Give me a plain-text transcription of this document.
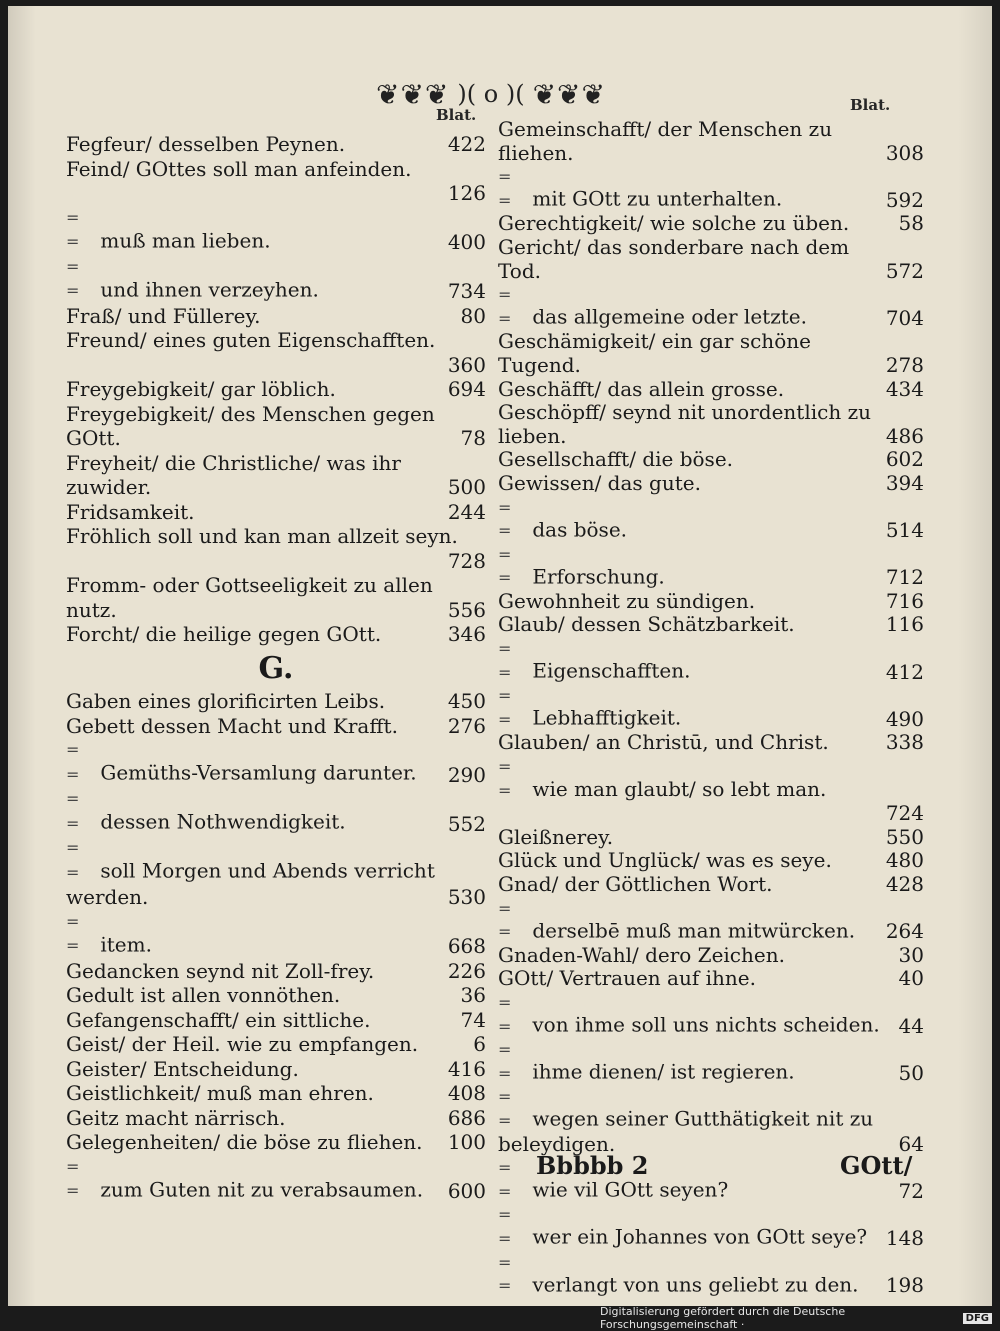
❦❦❦ )( o )( ❦❦❦
Blat.
Blat.
Fegfeur/ desselben Peynen.	422
Feind/ GOttes soll man anfeinden.
126
= = muß man lieben.	400
= = und ihnen verzeyhen.	734
Fraß/ und Füllerey.	80
Freund/ eines guten Eigenschafften.
360
Freygebigkeit/ gar löblich.	694
Freygebigkeit/ des Menschen gegen GOtt.	78
Freyheit/ die Christliche/ was ihr zuwider.	500
Fridsamkeit.	244
Fröhlich soll und kan man allzeit seyn.
728
Fromm- oder Gottseeligkeit zu allen nutz.	556
Forcht/ die heilige gegen GOtt.	346
G.
Gaben eines glorificirten Leibs.	450
Gebett dessen Macht und Krafft.	276
= = Gemüths-Versamlung darunter.	290
= = dessen Nothwendigkeit.	552
= = soll Morgen und Abends verricht werden.	530
= = item.	668
Gedancken seynd nit Zoll-frey.	226
Gedult ist allen vonnöthen.	36
Gefangenschafft/ ein sittliche.	74
Geist/ der Heil. wie zu empfangen.	6
Geister/ Entscheidung.	416
Geistlichkeit/ muß man ehren.	408
Geitz macht närrisch.	686
Gelegenheiten/ die böse zu fliehen.	100
= = zum Guten nit zu verabsaumen.	600
Gemeinschafft/ der Menschen zu fliehen.	308
= = mit GOtt zu unterhalten.	592
Gerechtigkeit/ wie solche zu üben.	58
Gericht/ das sonderbare nach dem Tod.	572
= = das allgemeine oder letzte.	704
Geschämigkeit/ ein gar schöne Tugend.	278
Geschäfft/ das allein grosse.	434
Geschöpff/ seynd nit unordentlich zu lieben.	486
Gesellschafft/ die böse.	602
Gewissen/ das gute.	394
= = das böse.	514
= = Erforschung.	712
Gewohnheit zu sündigen.	716
Glaub/ dessen Schätzbarkeit.	116
= = Eigenschafften.	412
= = Lebhafftigkeit.	490
Glauben/ an Christū, und Christ.	338
= = wie man glaubt/ so lebt man.
724
Gleißnerey.	550
Glück und Unglück/ was es seye.	480
Gnad/ der Göttlichen Wort.	428
= = derselbē muß man mitwürcken.	264
Gnaden-Wahl/ dero Zeichen.	30
GOtt/ Vertrauen auf ihne.	40
= = von ihme soll uns nichts scheiden. 44
= = ihme dienen/ ist regieren.	50
= = wegen seiner Gutthätigkeit nit zu beleydigen.	64
= = wie vil GOtt seyen?	72
= = wer ein Johannes von GOtt seye? 148
= = verlangt von uns geliebt zu den.	198
Bbbbb 2	GOtt/
Digitalisierung gefördert durch die Deutsche Forschungsgemeinschaft ·	DFG
